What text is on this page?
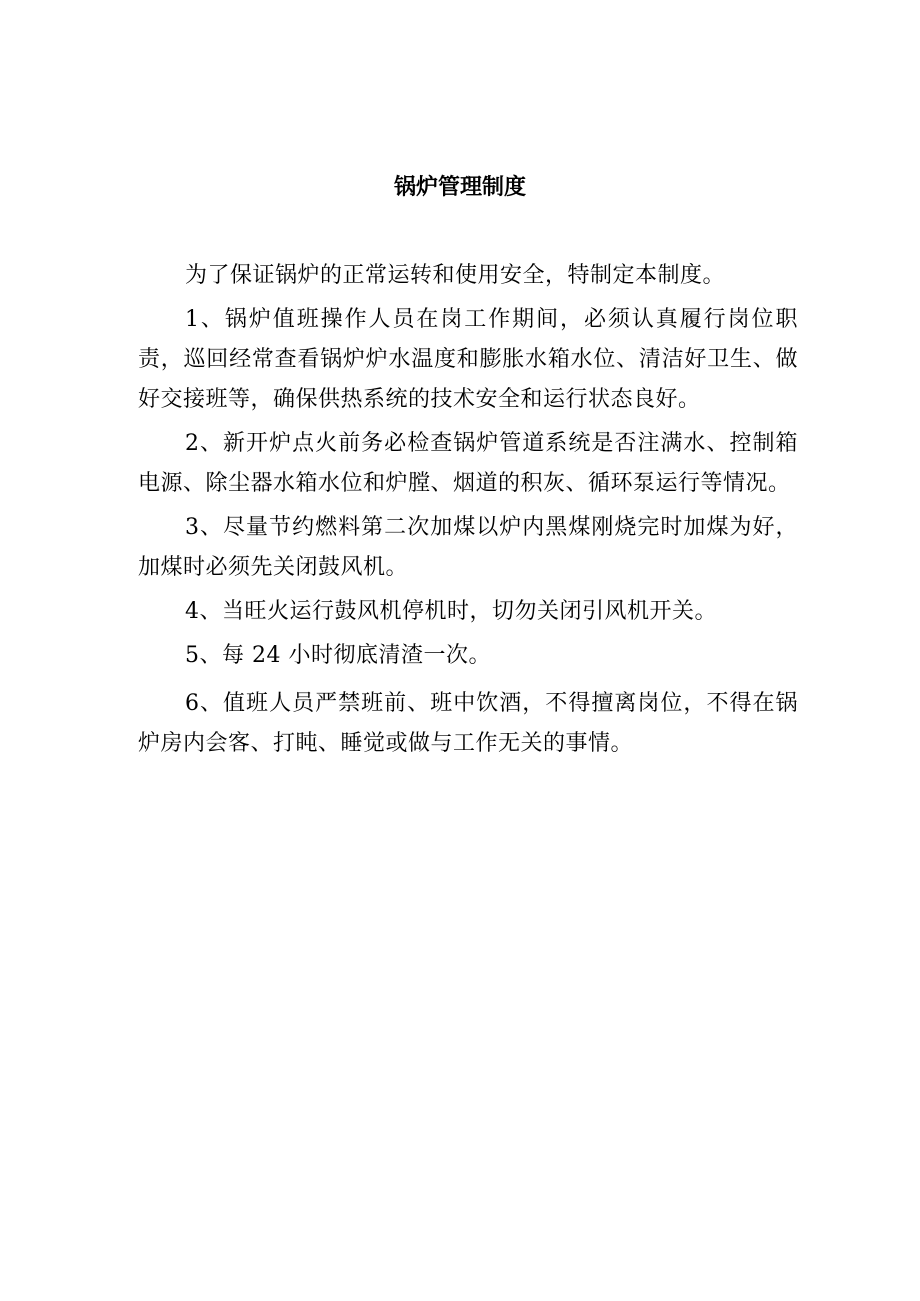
锅炉管理制度

为了保证锅炉的正常运转和使用安全，特制定本制度。

1、锅炉值班操作人员在岗工作期间，必须认真履行岗位职责，巡回经常查看锅炉炉水温度和膨胀水箱水位、清洁好卫生、做好交接班等，确保供热系统的技术安全和运行状态良好。

2、新开炉点火前务必检查锅炉管道系统是否注满水、控制箱电源、除尘器水箱水位和炉膛、烟道的积灰、循环泵运行等情况。

3、尽量节约燃料第二次加煤以炉内黑煤刚烧完时加煤为好，加煤时必须先关闭鼓风机。

4、当旺火运行鼓风机停机时，切勿关闭引风机开关。

5、每 24 小时彻底清渣一次。

6、值班人员严禁班前、班中饮酒，不得擅离岗位，不得在锅炉房内会客、打盹、睡觉或做与工作无关的事情。
